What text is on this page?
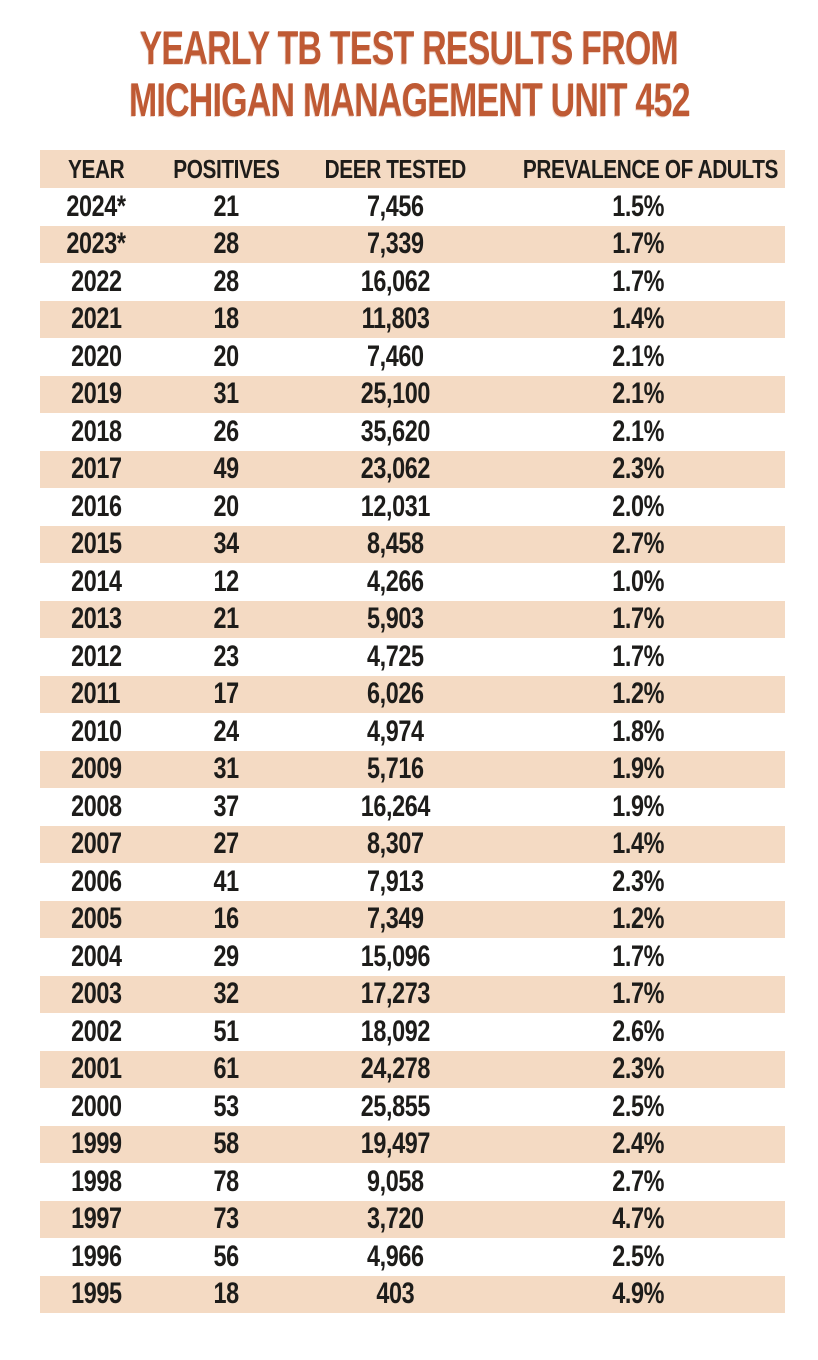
YEARLY TB TEST RESULTS FROM
MICHIGAN MANAGEMENT UNIT 452
YEAR	POSITIVES	DEER TESTED	PREVALENCE OF ADULTS
2024*	21	7,456	1.5%
2023*	28	7,339	1.7%
2022	28	16,062	1.7%
2021	18	11,803	1.4%
2020	20	7,460	2.1%
2019	31	25,100	2.1%
2018	26	35,620	2.1%
2017	49	23,062	2.3%
2016	20	12,031	2.0%
2015	34	8,458	2.7%
2014	12	4,266	1.0%
2013	21	5,903	1.7%
2012	23	4,725	1.7%
2011	17	6,026	1.2%
2010	24	4,974	1.8%
2009	31	5,716	1.9%
2008	37	16,264	1.9%
2007	27	8,307	1.4%
2006	41	7,913	2.3%
2005	16	7,349	1.2%
2004	29	15,096	1.7%
2003	32	17,273	1.7%
2002	51	18,092	2.6%
2001	61	24,278	2.3%
2000	53	25,855	2.5%
1999	58	19,497	2.4%
1998	78	9,058	2.7%
1997	73	3,720	4.7%
1996	56	4,966	2.5%
1995	18	403	4.9%
